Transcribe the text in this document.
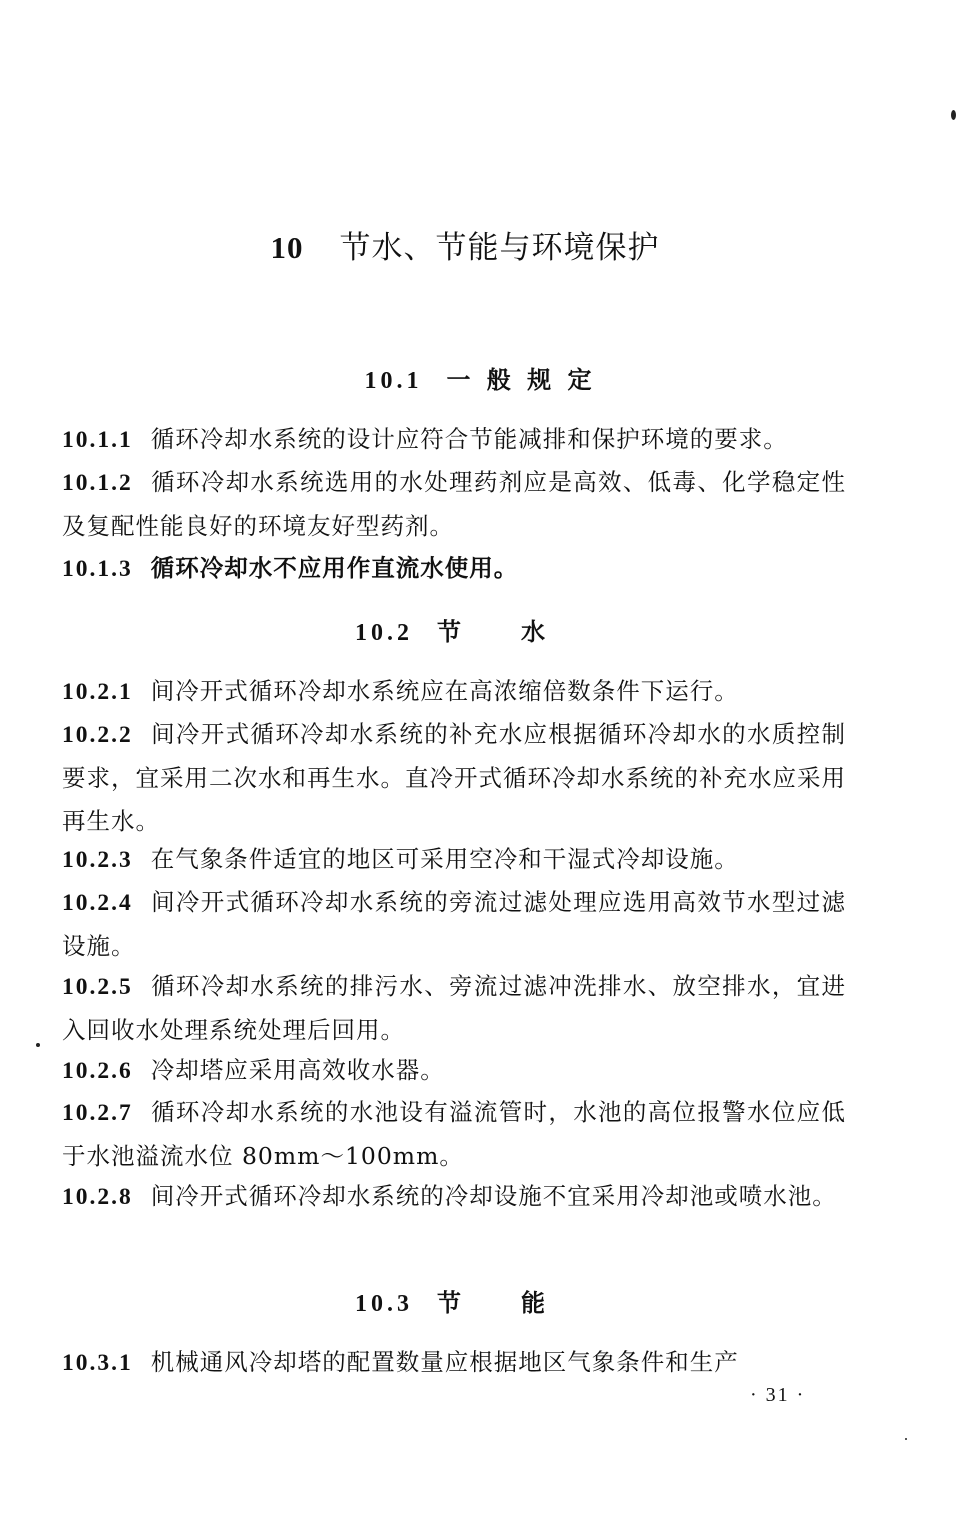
10 节水、节能与环境保护
10.1 一 般 规 定
10.1.1 循环冷却水系统的设计应符合节能减排和保护环境的要求。
10.1.2 循环冷却水系统选用的水处理药剂应是高效、低毒、化学稳定性及复配性能良好的环境友好型药剂。
10.1.3 循环冷却水不应用作直流水使用。
10.2 节水
10.2.1 间冷开式循环冷却水系统应在高浓缩倍数条件下运行。
10.2.2 间冷开式循环冷却水系统的补充水应根据循环冷却水的水质控制要求，宜采用二次水和再生水。直冷开式循环冷却水系统的补充水应采用再生水。
10.2.3 在气象条件适宜的地区可采用空冷和干湿式冷却设施。
10.2.4 间冷开式循环冷却水系统的旁流过滤处理应选用高效节水型过滤设施。
10.2.5 循环冷却水系统的排污水、旁流过滤冲洗排水、放空排水，宜进入回收水处理系统处理后回用。
10.2.6 冷却塔应采用高效收水器。
10.2.7 循环冷却水系统的水池设有溢流管时，水池的高位报警水位应低于水池溢流水位 80mm～100mm。
10.2.8 间冷开式循环冷却水系统的冷却设施不宜采用冷却池或喷水池。
10.3 节能
10.3.1 机械通风冷却塔的配置数量应根据地区气象条件和生产
· 31 ·
